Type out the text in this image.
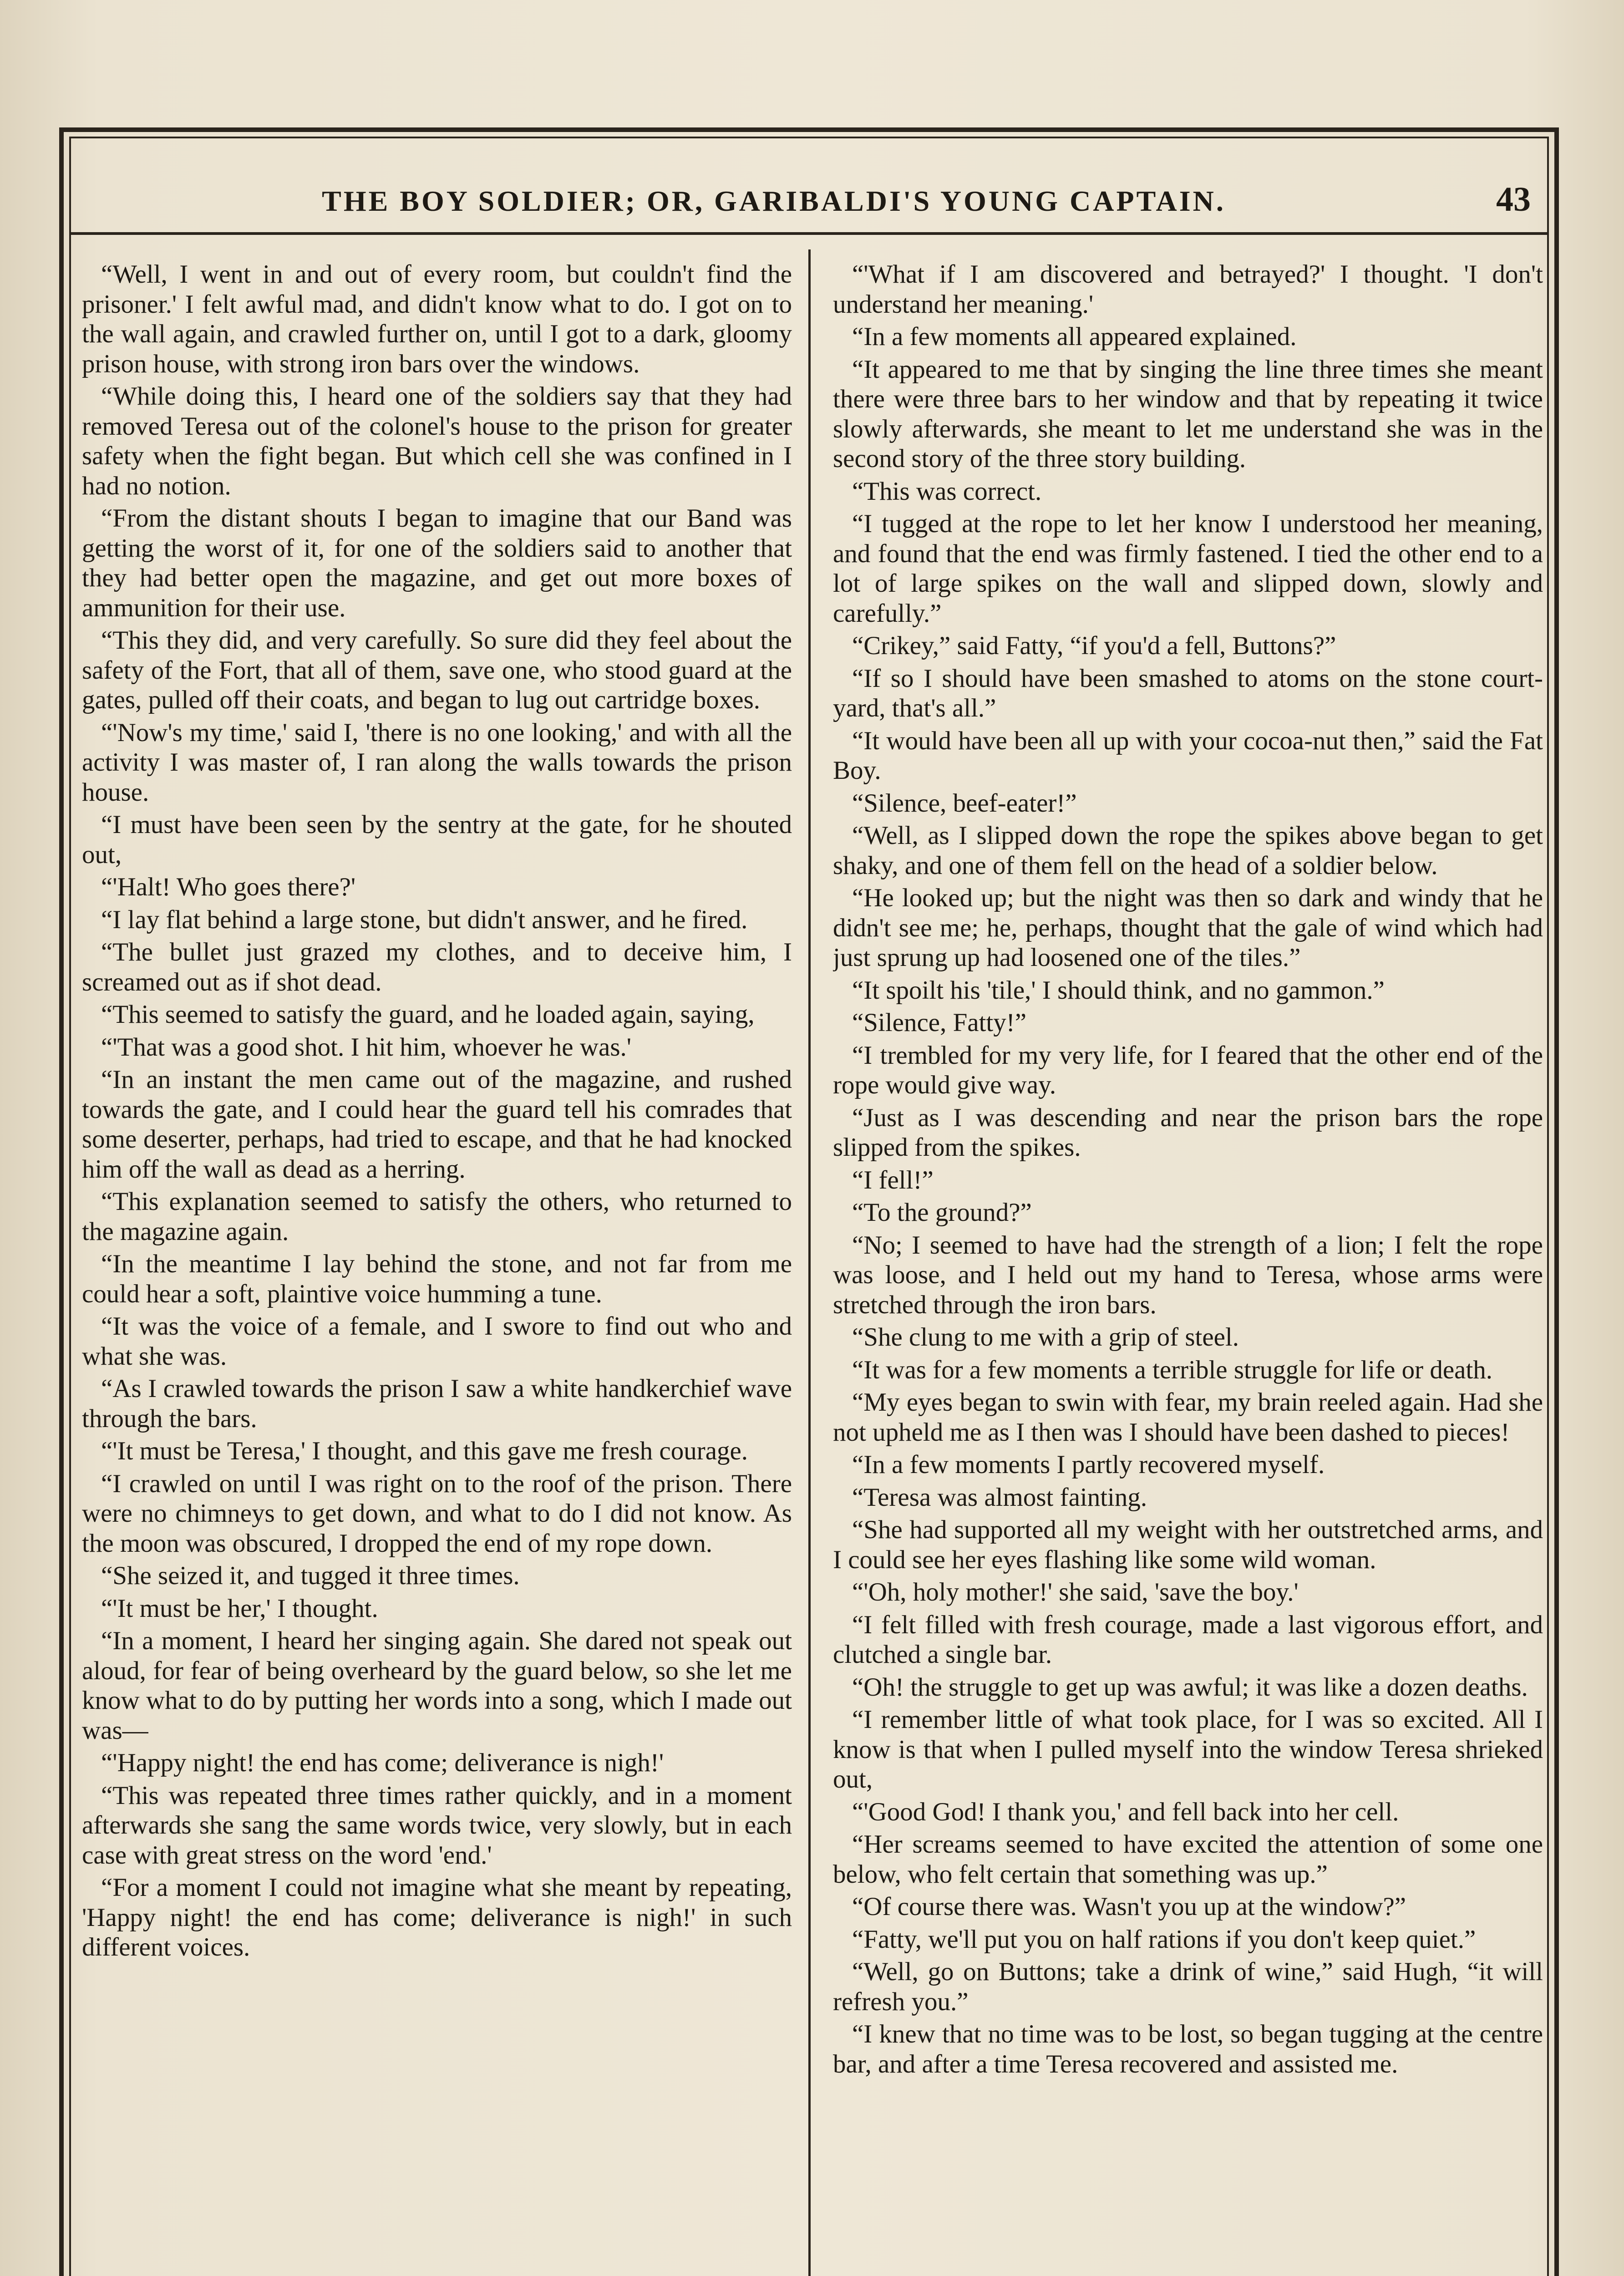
THE BOY SOLDIER; OR, GARIBALDI'S YOUNG CAPTAIN.	43

“Well, I went in and out of every room, but couldn't find the prisoner.' I felt awful mad, and didn't know what to do. I got on to the wall again, and crawled further on, until I got to a dark, gloomy prison house, with strong iron bars over the windows.

“While doing this, I heard one of the soldiers say that they had removed Teresa out of the colonel's house to the prison for greater safety when the fight began. But which cell she was confined in I had no notion.

“From the distant shouts I began to imagine that our Band was getting the worst of it, for one of the soldiers said to another that they had better open the magazine, and get out more boxes of ammunition for their use.

“This they did, and very carefully. So sure did they feel about the safety of the Fort, that all of them, save one, who stood guard at the gates, pulled off their coats, and began to lug out cartridge boxes.

“'Now's my time,' said I, 'there is no one looking,' and with all the activity I was master of, I ran along the walls towards the prison house.

“I must have been seen by the sentry at the gate, for he shouted out,

“'Halt! Who goes there?'

“I lay flat behind a large stone, but didn't answer, and he fired.

“The bullet just grazed my clothes, and to deceive him, I screamed out as if shot dead.

“This seemed to satisfy the guard, and he loaded again, saying,

“'That was a good shot. I hit him, whoever he was.'

“In an instant the men came out of the magazine, and rushed towards the gate, and I could hear the guard tell his comrades that some deserter, perhaps, had tried to escape, and that he had knocked him off the wall as dead as a herring.

“This explanation seemed to satisfy the others, who returned to the magazine again.

“In the meantime I lay behind the stone, and not far from me could hear a soft, plaintive voice humming a tune.

“It was the voice of a female, and I swore to find out who and what she was.

“As I crawled towards the prison I saw a white handkerchief wave through the bars.

“'It must be Teresa,' I thought, and this gave me fresh courage.

“I crawled on until I was right on to the roof of the prison. There were no chimneys to get down, and what to do I did not know. As the moon was obscured, I dropped the end of my rope down.

“She seized it, and tugged it three times.

“'It must be her,' I thought.

“In a moment, I heard her singing again. She dared not speak out aloud, for fear of being overheard by the guard below, so she let me know what to do by putting her words into a song, which I made out was—

“'Happy night! the end has come; deliverance is nigh!'

“This was repeated three times rather quickly, and in a moment afterwards she sang the same words twice, very slowly, but in each case with great stress on the word 'end.'

“For a moment I could not imagine what she meant by repeating, 'Happy night! the end has come; deliverance is nigh!' in such different voices.

“'What if I am discovered and betrayed?' I thought. 'I don't understand her meaning.'

“In a few moments all appeared explained.

“It appeared to me that by singing the line three times she meant there were three bars to her window and that by repeating it twice slowly afterwards, she meant to let me understand she was in the second story of the three story building.

“This was correct.

“I tugged at the rope to let her know I understood her meaning, and found that the end was firmly fastened. I tied the other end to a lot of large spikes on the wall and slipped down, slowly and carefully.”

“Crikey,” said Fatty, “if you'd a fell, Buttons?”

“If so I should have been smashed to atoms on the stone court-yard, that's all.”

“It would have been all up with your cocoa-nut then,” said the Fat Boy.

“Silence, beef-eater!”

“Well, as I slipped down the rope the spikes above began to get shaky, and one of them fell on the head of a soldier below.

“He looked up; but the night was then so dark and windy that he didn't see me; he, perhaps, thought that the gale of wind which had just sprung up had loosened one of the tiles.”

“It spoilt his 'tile,' I should think, and no gammon.”

“Silence, Fatty!”

“I trembled for my very life, for I feared that the other end of the rope would give way.

“Just as I was descending and near the prison bars the rope slipped from the spikes.

“I fell!”

“To the ground?”

“No; I seemed to have had the strength of a lion; I felt the rope was loose, and I held out my hand to Teresa, whose arms were stretched through the iron bars.

“She clung to me with a grip of steel.

“It was for a few moments a terrible struggle for life or death.

“My eyes began to swin with fear, my brain reeled again. Had she not upheld me as I then was I should have been dashed to pieces!

“In a few moments I partly recovered myself.

“Teresa was almost fainting.

“She had supported all my weight with her outstretched arms, and I could see her eyes flashing like some wild woman.

“'Oh, holy mother!' she said, 'save the boy.'

“I felt filled with fresh courage, made a last vigorous effort, and clutched a single bar.

“Oh! the struggle to get up was awful; it was like a dozen deaths.

“I remember little of what took place, for I was so excited. All I know is that when I pulled myself into the window Teresa shrieked out,

“'Good God! I thank you,' and fell back into her cell.

“Her screams seemed to have excited the attention of some one below, who felt certain that something was up.”

“Of course there was. Wasn't you up at the window?”

“Fatty, we'll put you on half rations if you don't keep quiet.”

“Well, go on Buttons; take a drink of wine,” said Hugh, “it will refresh you.”

“I knew that no time was to be lost, so began tugging at the centre bar, and after a time Teresa recovered and assisted me.
